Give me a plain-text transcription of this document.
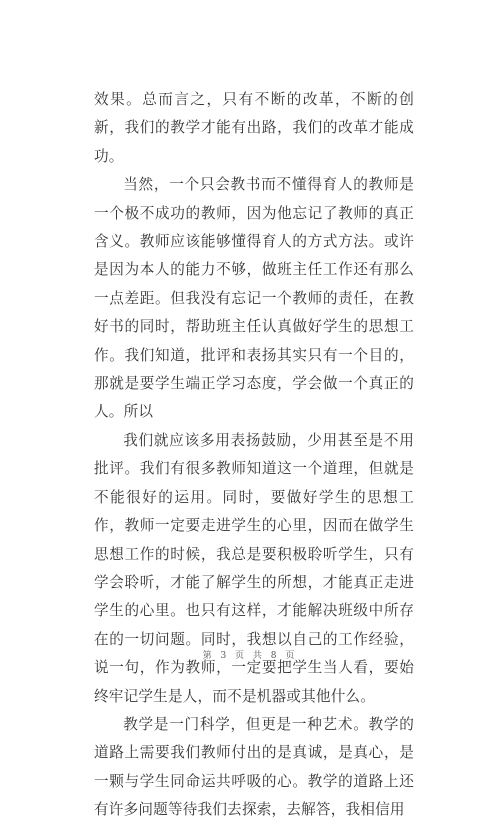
效果。总而言之，只有不断的改革，不断的创新，我们的教学才能有出路，我们的改革才能成功。

当然，一个只会教书而不懂得育人的教师是一个极不成功的教师，因为他忘记了教师的真正含义。教师应该能够懂得育人的方式方法。或许是因为本人的能力不够，做班主任工作还有那么一点差距。但我没有忘记一个教师的责任，在教好书的同时，帮助班主任认真做好学生的思想工作。我们知道，批评和表扬其实只有一个目的，那就是要学生端正学习态度，学会做一个真正的人。所以

我们就应该多用表扬鼓励，少用甚至是不用批评。我们有很多教师知道这一个道理，但就是不能很好的运用。同时，要做好学生的思想工作，教师一定要走进学生的心里，因而在做学生思想工作的时候，我总是要积极聆听学生，只有学会聆听，才能了解学生的所想，才能真正走进学生的心里。也只有这样，才能解决班级中所存在的一切问题。同时，我想以自己的工作经验，说一句，作为教师，一定要把学生当人看，要始终牢记学生是人，而不是机器或其他什么。

教学是一门科学，但更是一种艺术。教学的道路上需要我们教师付出的是真诚，是真心，是一颗与学生同命运共呼吸的心。教学的道路上还有许多问题等待我们去探索，去解答，我相信用

第 3 页 共 8 页
